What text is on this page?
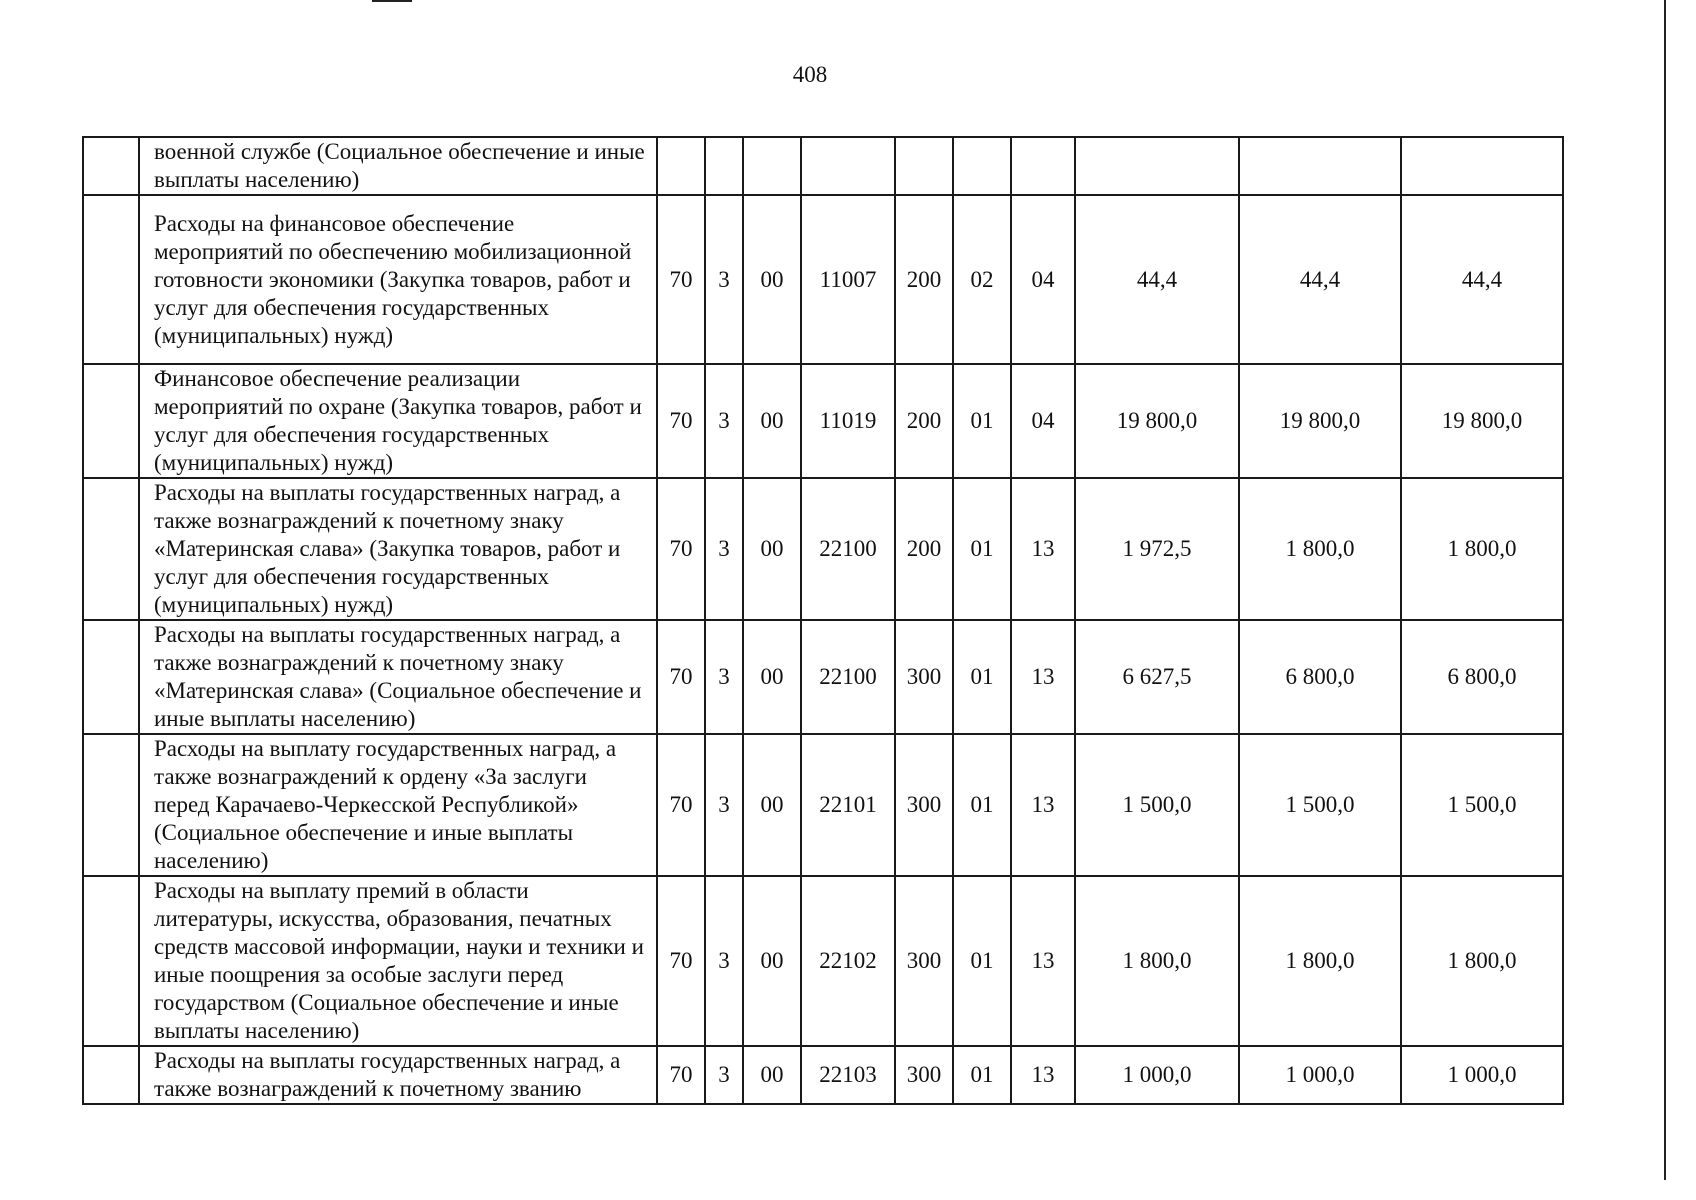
408
	военной службе (Социальное обеспечение и иные выплаты населению)										
	Расходы на финансовое обеспечение мероприятий по обеспечению мобилизационной готовности экономики (Закупка товаров, работ и услуг для обеспечения государственных (муниципальных) нужд)	70	3	00	11007	200	02	04	44,4	44,4	44,4
	Финансовое обеспечение реализации мероприятий по охране (Закупка товаров, работ и услуг для обеспечения государственных (муниципальных) нужд)	70	3	00	11019	200	01	04	19 800,0	19 800,0	19 800,0
	Расходы на выплаты государственных наград, а также вознаграждений к почетному знаку «Материнская слава» (Закупка товаров, работ и услуг для обеспечения государственных (муниципальных) нужд)	70	3	00	22100	200	01	13	1 972,5	1 800,0	1 800,0
	Расходы на выплаты государственных наград, а также вознаграждений к почетному знаку «Материнская слава» (Социальное обеспечение и иные выплаты населению)	70	3	00	22100	300	01	13	6 627,5	6 800,0	6 800,0
	Расходы на выплату государственных наград, а также вознаграждений к ордену «За заслуги перед Карачаево-Черкесской Республикой» (Социальное обеспечение и иные выплаты населению)	70	3	00	22101	300	01	13	1 500,0	1 500,0	1 500,0
	Расходы на выплату премий в области литературы, искусства, образования, печатных средств массовой информации, науки и техники и иные поощрения за особые заслуги перед государством (Социальное обеспечение и иные выплаты населению)	70	3	00	22102	300	01	13	1 800,0	1 800,0	1 800,0
	Расходы на выплаты государственных наград, а также вознаграждений к почетному званию	70	3	00	22103	300	01	13	1 000,0	1 000,0	1 000,0
